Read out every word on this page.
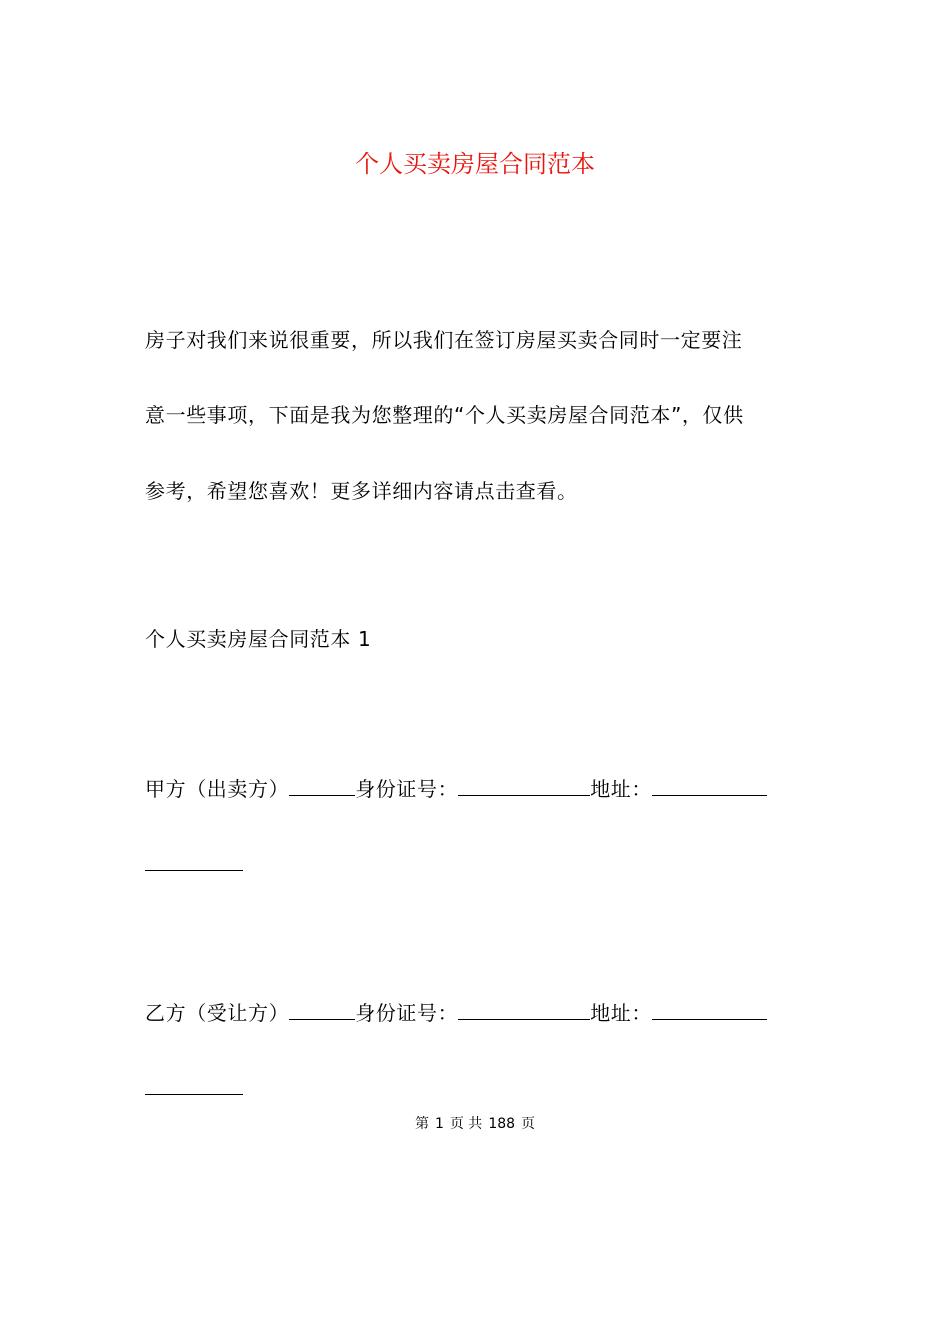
个人买卖房屋合同范本
房子对我们来说很重要，所以我们在签订房屋买卖合同时一定要注
意一些事项，下面是我为您整理的“个人买卖房屋合同范本”，仅供
参考，希望您喜欢！更多详细内容请点击查看。
个人买卖房屋合同范本 1
甲方（出卖方）	身份证号：	地址：
乙方（受让方）	身份证号：	地址：
第 1 页 共 188 页
